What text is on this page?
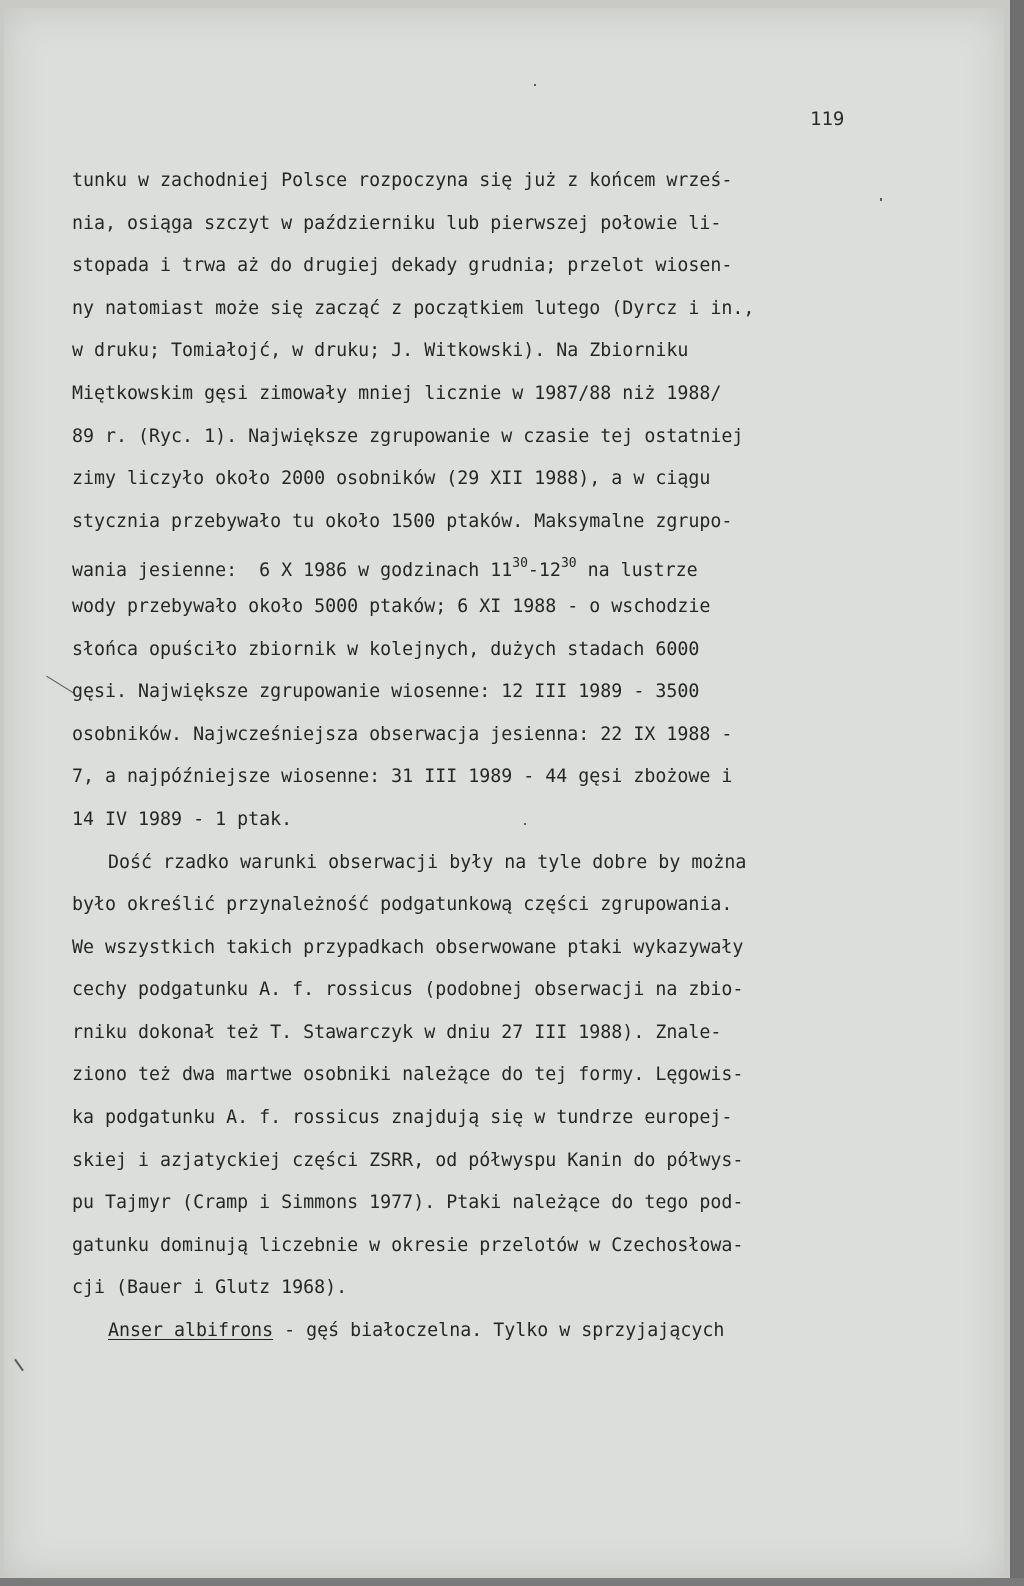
119
tunku w zachodniej Polsce rozpoczyna się już z końcem wrześ-
nia, osiąga szczyt w październiku lub pierwszej połowie li-
stopada i trwa aż do drugiej dekady grudnia; przelot wiosen-
ny natomiast może się zacząć z początkiem lutego (Dyrcz i in.,
w druku; Tomiałojć, w druku; J. Witkowski). Na Zbiorniku
Miętkowskim gęsi zimowały mniej licznie w 1987/88 niż 1988/
89 r. (Ryc. 1). Największe zgrupowanie w czasie tej ostatniej
zimy liczyło około 2000 osobników (29 XII 1988), a w ciągu
stycznia przebywało tu około 1500 ptaków. Maksymalne zgrupo-
wania jesienne:  6 X 1986 w godzinach $11^{30}-12^{30}$ na lustrze
wody przebywało około 5000 ptaków; 6 XI 1988 - o wschodzie
słońca opuściło zbiornik w kolejnych, dużych stadach 6000
gęsi. Największe zgrupowanie wiosenne: 12 III 1989 - 3500
osobników. Najwcześniejsza obserwacja jesienna: 22 IX 1988 -
7, a najpóźniejsze wiosenne: 31 III 1989 - 44 gęsi zbożowe i
14 IV 1989 - 1 ptak.
Dość rzadko warunki obserwacji były na tyle dobre by można
było określić przynależność podgatunkową części zgrupowania.
We wszystkich takich przypadkach obserwowane ptaki wykazywały
cechy podgatunku A. f. rossicus (podobnej obserwacji na zbio-
rniku dokonał też T. Stawarczyk w dniu 27 III 1988). Znale-
ziono też dwa martwe osobniki należące do tej formy. Lęgowis-
ka podgatunku A. f. rossicus znajdują się w tundrze europej-
skiej i azjatyckiej części ZSRR, od półwyspu Kanin do półwys-
pu Tajmyr (Cramp i Simmons 1977). Ptaki należące do tego pod-
gatunku dominują liczebnie w okresie przelotów w Czechosłowa-
cji (Bauer i Glutz 1968).
Anser albifrons - gęś białoczelna. Tylko w sprzyjających
